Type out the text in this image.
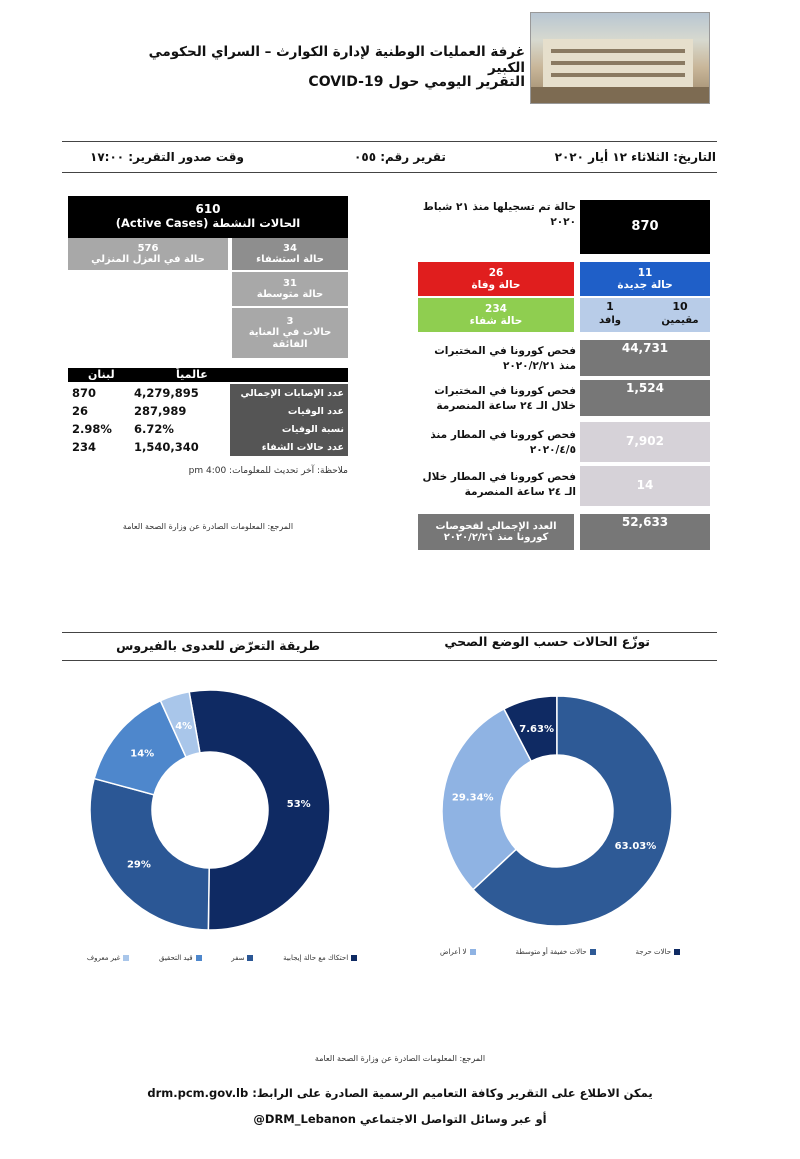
غرفة العمليات الوطنية لإدارة الكوارث – السراي الحكومي الكبير
التقرير اليومي حول COVID-19
التاريخ: الثلاثاء ١٢ أيار ٢٠٢٠
تقرير رقم: ٠٥٥
وقت صدور التقرير: ١٧:٠٠
610
الحالات النشطة (Active Cases)
576
حالة في العزل المنزلي
34
حالة استشفاء
31
حالة متوسطة
3
حالات في العناية الفائقة
لبنان	عالمياً
870	4,279,895	عدد الإصابات الإجمالي
26	287,989	عدد الوفيات
2.98%	6.72%	نسبة الوفيات
234	1,540,340	عدد حالات الشفاء
ملاحظة: آخر تحديث للمعلومات: 4:00 pm
المرجع: المعلومات الصادرة عن وزارة الصحة العامة
حالة تم تسجيلها منذ ٢١ شباط ٢٠٢٠	870
26
حالة وفاة
11
حالة جديدة
234
حالة شفاء
10
مقيمين
1
وافد
فحص كورونا في المختبرات منذ ٢٠٢٠/٢/٢١
44,731
فحص كورونا في المختبرات خلال الـ ٢٤ ساعة المنصرمة
1,524
فحص كورونا في المطار منذ ٢٠٢٠/٤/٥
7,902
فحص كورونا في المطار خلال الـ ٢٤ ساعة المنصرمة	14
العدد الإجمالي لفحوصات كورونا منذ ٢٠٢٠/٢/٢١
52,633
طريقة التعرّض للعدوى بالفيروس	توزّع الحالات حسب الوضع الصحي
53%
29%
14%
4%	7.63%
63.03%
29.34%
احتكاك مع حالة إيجابية
سفر
قيد التحقيق
غير معروف
حالات حرجة
حالات خفيفة أو متوسطة
لا أعراض
المرجع: المعلومات الصادرة عن وزارة الصحة العامة
يمكن الاطلاع على التقرير وكافة التعاميم الرسمية الصادرة على الرابط: drm.pcm.gov.lb
أو عبر وسائل التواصل الاجتماعي DRM_Lebanon@
